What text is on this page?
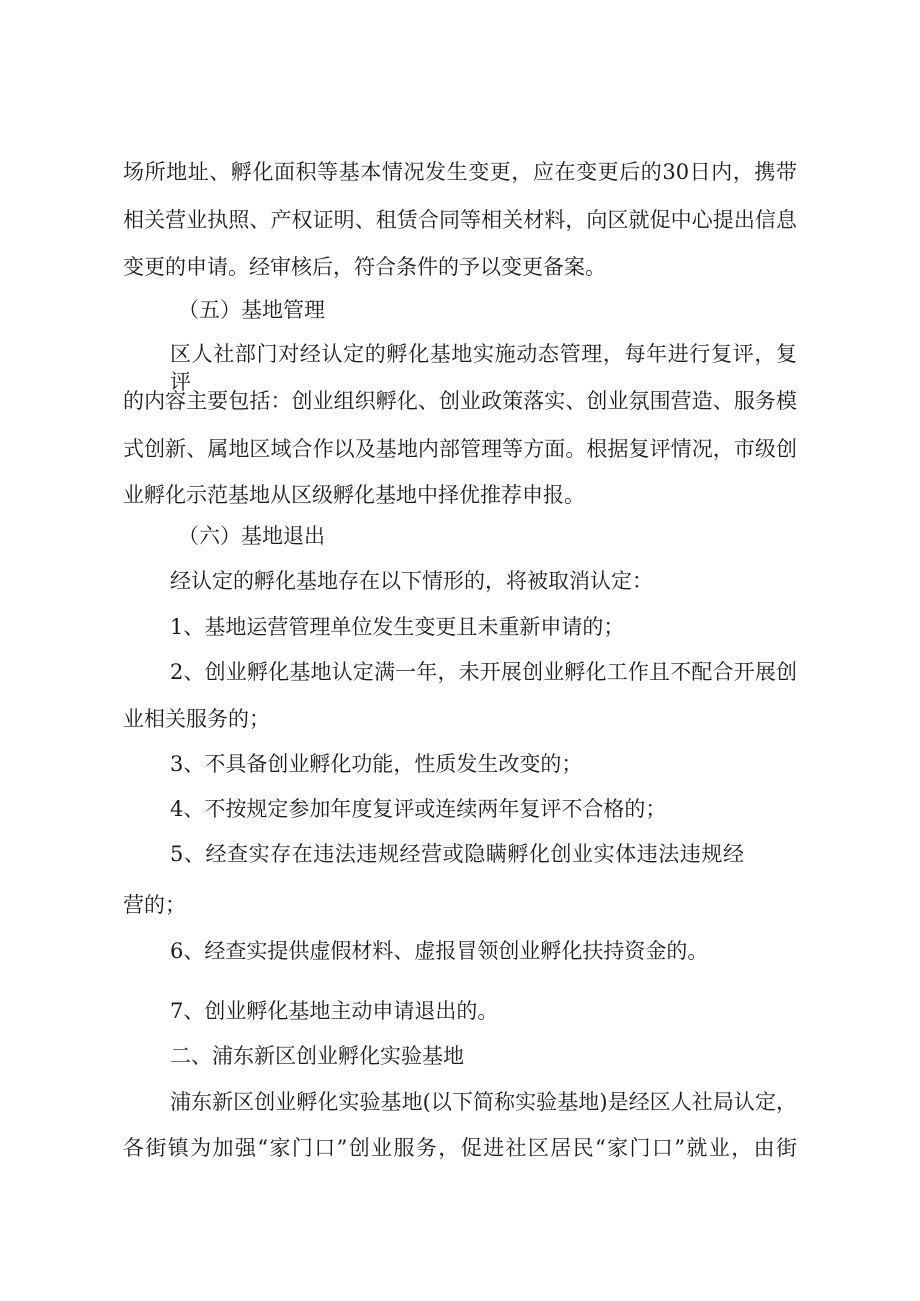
场所地址、孵化面积等基本情况发生变更，应在变更后的30日内，携带

相关营业执照、产权证明、租赁合同等相关材料，向区就促中心提出信息

变更的申请。经审核后，符合条件的予以变更备案。

（五）基地管理

区人社部门对经认定的孵化基地实施动态管理，每年进行复评，复评

的内容主要包括：创业组织孵化、创业政策落实、创业氛围营造、服务模

式创新、属地区域合作以及基地内部管理等方面。根据复评情况，市级创

业孵化示范基地从区级孵化基地中择优推荐申报。

（六）基地退出

经认定的孵化基地存在以下情形的，将被取消认定：

1、基地运营管理单位发生变更且未重新申请的；

2、创业孵化基地认定满一年，未开展创业孵化工作且不配合开展创

业相关服务的；

3、不具备创业孵化功能，性质发生改变的；

4、不按规定参加年度复评或连续两年复评不合格的；

5、经查实存在违法违规经营或隐瞒孵化创业实体违法违规经

营的；

6、经查实提供虚假材料、虚报冒领创业孵化扶持资金的。

7、创业孵化基地主动申请退出的。

二、浦东新区创业孵化实验基地

浦东新区创业孵化实验基地(以下简称实验基地)是经区人社局认定，

各街镇为加强“家门口”创业服务，促进社区居民“家门口”就业，由街
